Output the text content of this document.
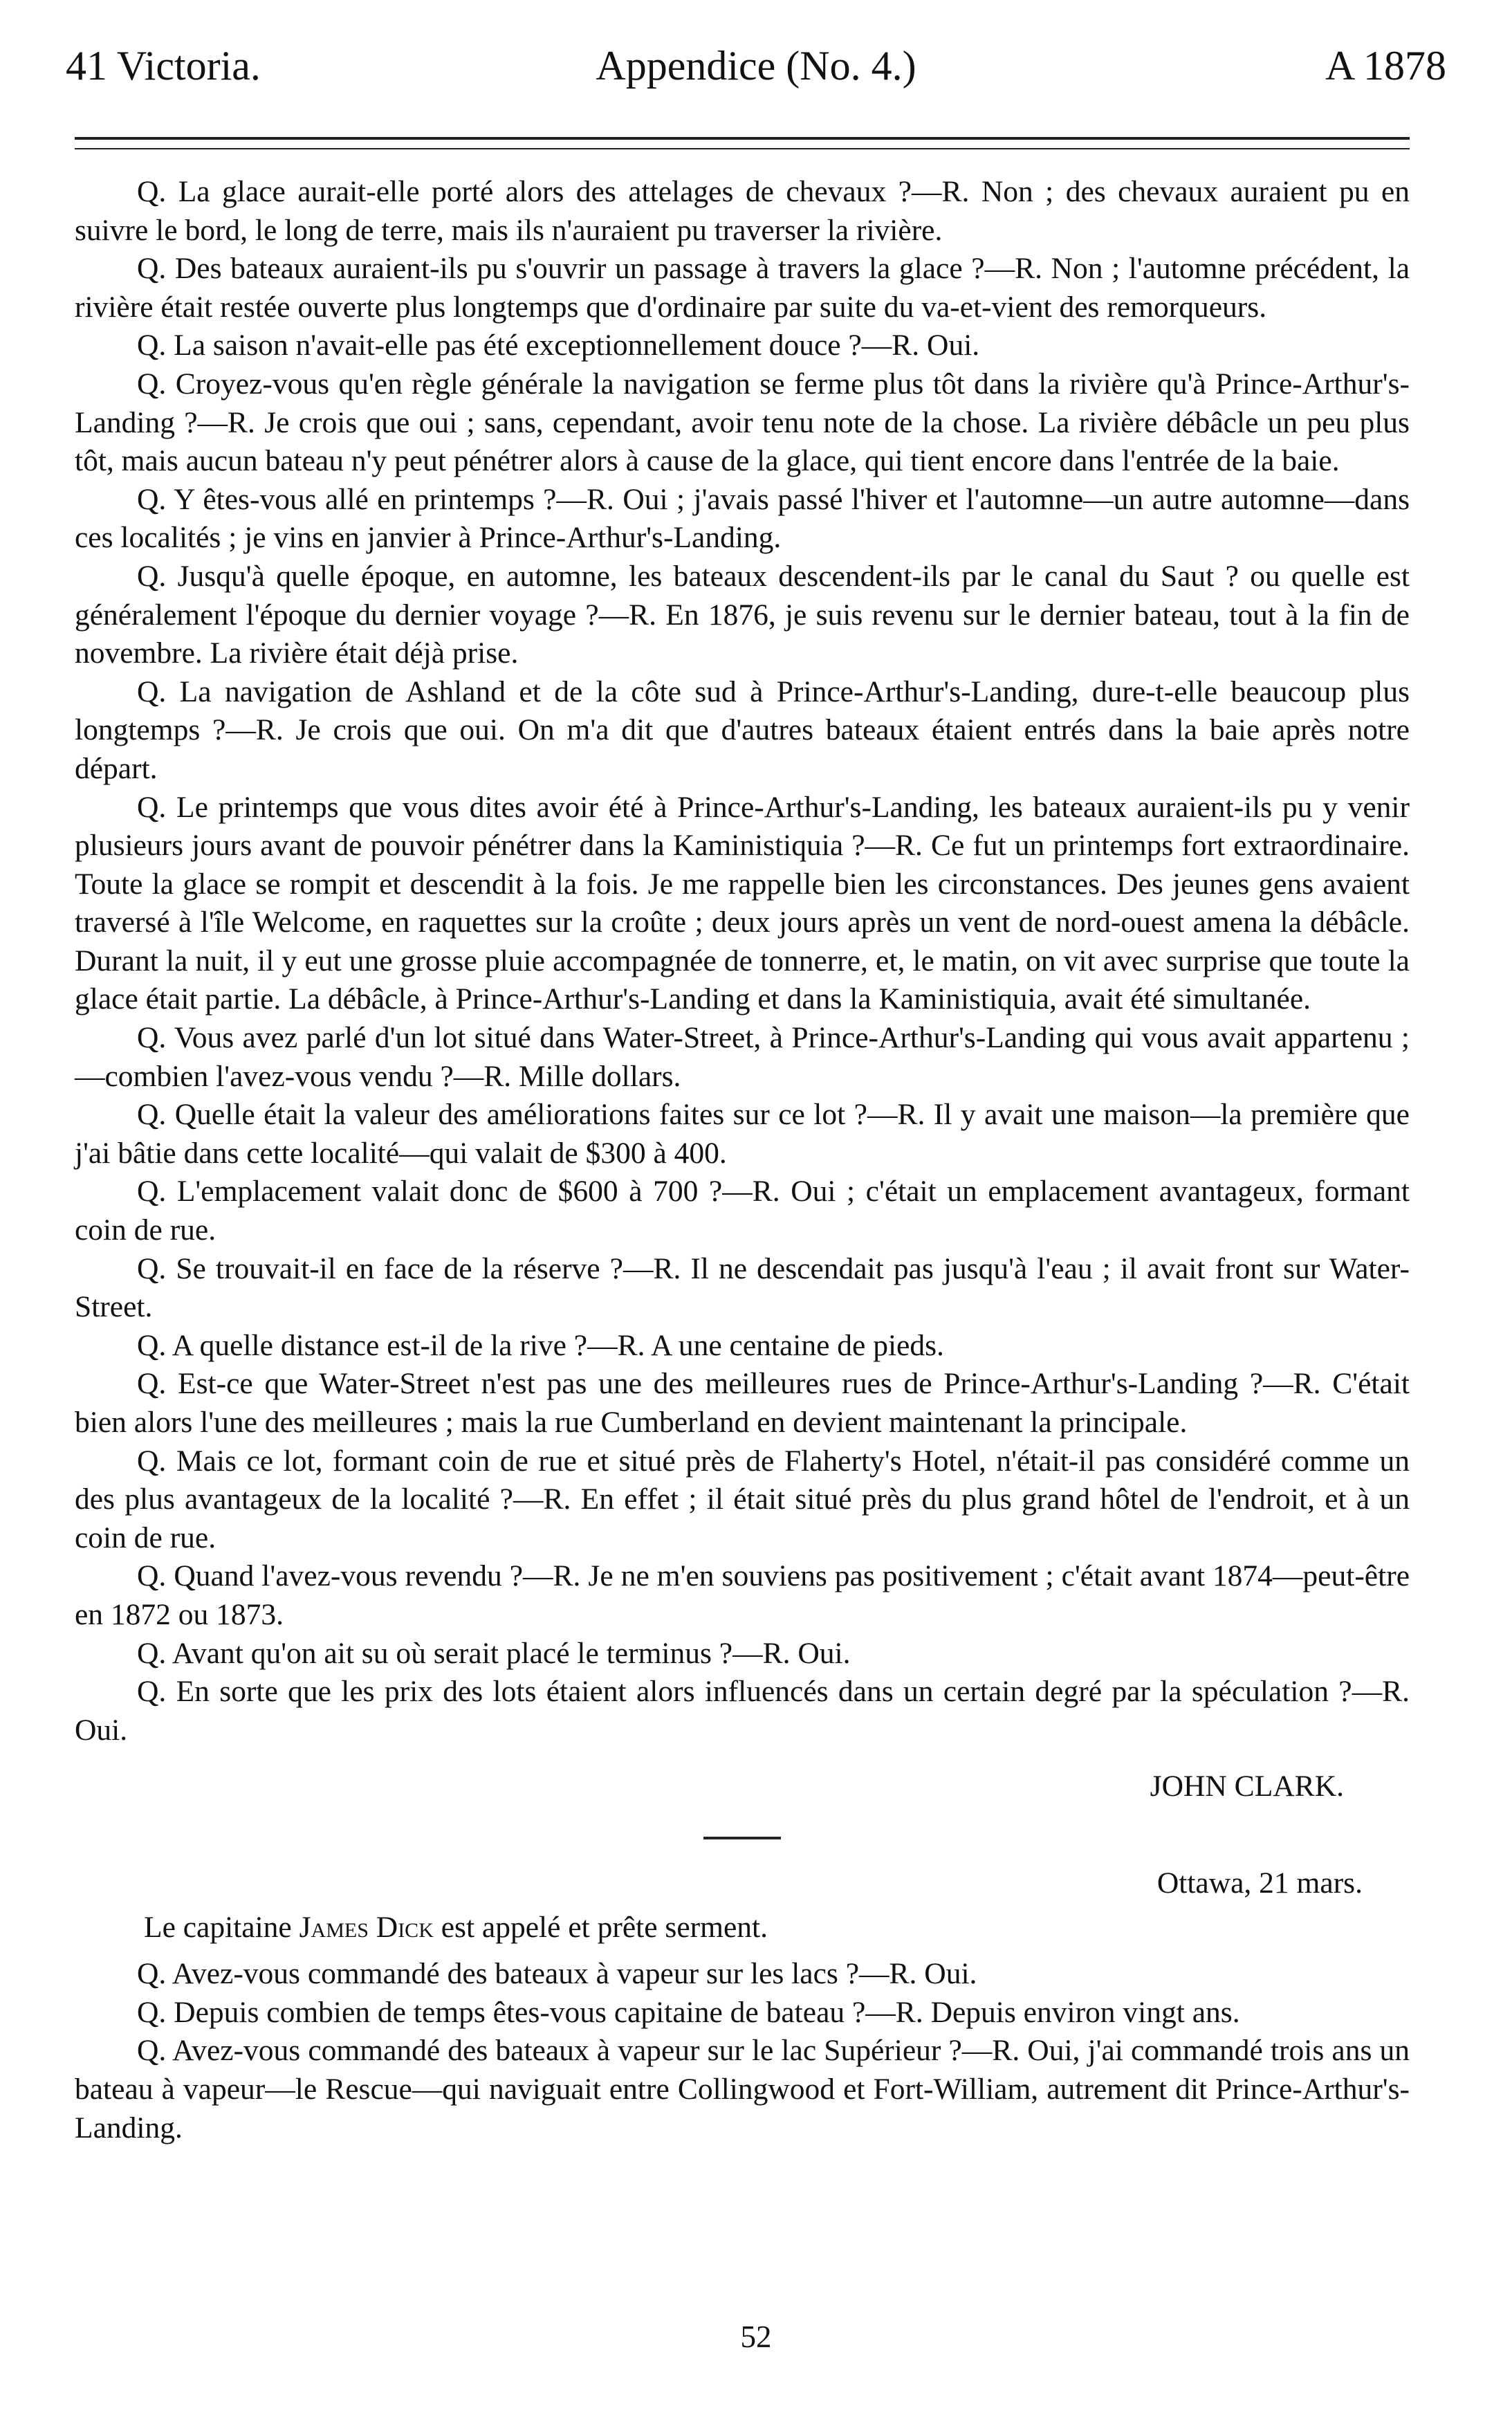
Appendice (No. 4.)
41 Victoria.	A 1878

Q. La glace aurait-elle porté alors des attelages de chevaux ?—R. Non ; des chevaux auraient pu en suivre le bord, le long de terre, mais ils n'auraient pu traverser la rivière.

Q. Des bateaux auraient-ils pu s'ouvrir un passage à travers la glace ?—R. Non ; l'automne précédent, la rivière était restée ouverte plus longtemps que d'ordinaire par suite du va-et-vient des remorqueurs.

Q. La saison n'avait-elle pas été exceptionnellement douce ?—R. Oui.

Q. Croyez-vous qu'en règle générale la navigation se ferme plus tôt dans la rivière qu'à Prince-Arthur's-Landing ?—R. Je crois que oui ; sans, cependant, avoir tenu note de la chose. La rivière débâcle un peu plus tôt, mais aucun bateau n'y peut pénétrer alors à cause de la glace, qui tient encore dans l'entrée de la baie.

Q. Y êtes-vous allé en printemps ?—R. Oui ; j'avais passé l'hiver et l'automne—un autre automne—dans ces localités ; je vins en janvier à Prince-Arthur's-Landing.

Q. Jusqu'à quelle époque, en automne, les bateaux descendent-ils par le canal du Saut ? ou quelle est généralement l'époque du dernier voyage ?—R. En 1876, je suis revenu sur le dernier bateau, tout à la fin de novembre. La rivière était déjà prise.

Q. La navigation de Ashland et de la côte sud à Prince-Arthur's-Landing, dure-t-elle beaucoup plus longtemps ?—R. Je crois que oui. On m'a dit que d'autres bateaux étaient entrés dans la baie après notre départ.

Q. Le printemps que vous dites avoir été à Prince-Arthur's-Landing, les bateaux auraient-ils pu y venir plusieurs jours avant de pouvoir pénétrer dans la Kaministiquia ?—R. Ce fut un printemps fort extraordinaire. Toute la glace se rompit et descendit à la fois. Je me rappelle bien les circonstances. Des jeunes gens avaient traversé à l'île Welcome, en raquettes sur la croûte ; deux jours après un vent de nord-ouest amena la débâcle. Durant la nuit, il y eut une grosse pluie accompagnée de tonnerre, et, le matin, on vit avec surprise que toute la glace était partie. La débâcle, à Prince-Arthur's-Landing et dans la Kaministiquia, avait été simultanée.

Q. Vous avez parlé d'un lot situé dans Water-Street, à Prince-Arthur's-Landing qui vous avait appartenu ;—combien l'avez-vous vendu ?—R. Mille dollars.

Q. Quelle était la valeur des améliorations faites sur ce lot ?—R. Il y avait une maison—la première que j'ai bâtie dans cette localité—qui valait de $300 à 400.

Q. L'emplacement valait donc de $600 à 700 ?—R. Oui ; c'était un emplacement avantageux, formant coin de rue.

Q. Se trouvait-il en face de la réserve ?—R. Il ne descendait pas jusqu'à l'eau ; il avait front sur Water-Street.

Q. A quelle distance est-il de la rive ?—R. A une centaine de pieds.

Q. Est-ce que Water-Street n'est pas une des meilleures rues de Prince-Arthur's-Landing ?—R. C'était bien alors l'une des meilleures ; mais la rue Cumberland en devient maintenant la principale.

Q. Mais ce lot, formant coin de rue et situé près de Flaherty's Hotel, n'était-il pas considéré comme un des plus avantageux de la localité ?—R. En effet ; il était situé près du plus grand hôtel de l'endroit, et à un coin de rue.

Q. Quand l'avez-vous revendu ?—R. Je ne m'en souviens pas positivement ; c'était avant 1874—peut-être en 1872 ou 1873.

Q. Avant qu'on ait su où serait placé le terminus ?—R. Oui.

Q. En sorte que les prix des lots étaient alors influencés dans un certain degré par la spéculation ?—R. Oui.

JOHN CLARK.
Ottawa, 21 mars.

Le capitaine James Dick est appelé et prête serment.

Q. Avez-vous commandé des bateaux à vapeur sur les lacs ?—R. Oui.

Q. Depuis combien de temps êtes-vous capitaine de bateau ?—R. Depuis environ vingt ans.

Q. Avez-vous commandé des bateaux à vapeur sur le lac Supérieur ?—R. Oui, j'ai commandé trois ans un bateau à vapeur—le Rescue—qui naviguait entre Collingwood et Fort-William, autrement dit Prince-Arthur's-Landing.

52
